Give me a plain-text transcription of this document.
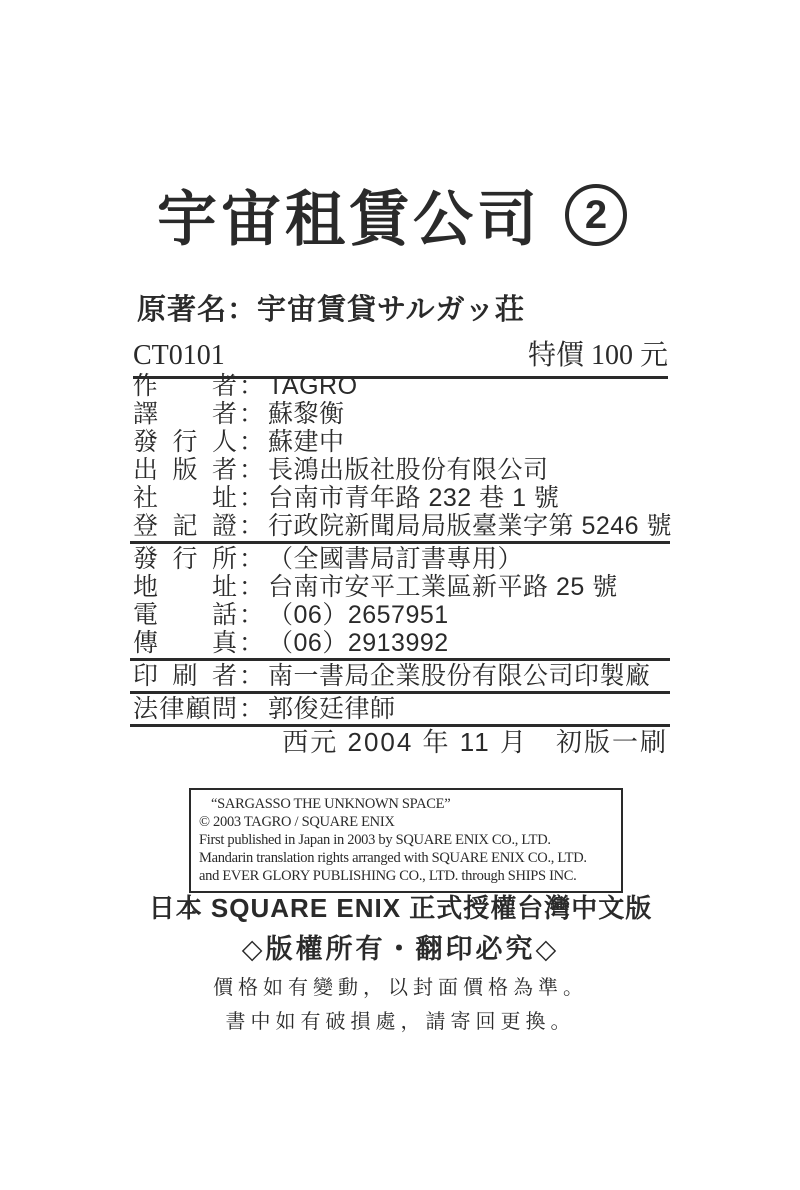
宇宙租賃公司	2
原著名：宇宙賃貸サルガッ荘
CT0101	特價 100 元
作 者 ： TAGRO
譯 者 ： 蘇黎衡
發 行 人 ： 蘇建中
出 版 者 ： 長鴻出版社股份有限公司
社 址 ： 台南市青年路 232 巷 1 號
登 記 證 ： 行政院新聞局局版臺業字第 5246 號
發 行 所 ： （全國書局訂書專用）
地 址 ： 台南市安平工業區新平路 25 號
電 話 ： （06）2657951
傳 真 ： （06）2913992
印 刷 者 ： 南一書局企業股份有限公司印製廠
法 律 顧 問 ： 郭俊廷律師
西元 2004 年 11 月　初版一刷
“SARGASSO THE UNKNOWN SPACE”
© 2003 TAGRO / SQUARE ENIX
First published in Japan in 2003 by SQUARE ENIX CO., LTD.
Mandarin translation rights arranged with SQUARE ENIX CO., LTD.
and EVER GLORY PUBLISHING CO., LTD. through SHIPS INC.
日本 SQUARE ENIX 正式授權台灣中文版
◇版權所有・翻印必究◇
價格如有變動，以封面價格為準。
書中如有破損處，請寄回更換。
